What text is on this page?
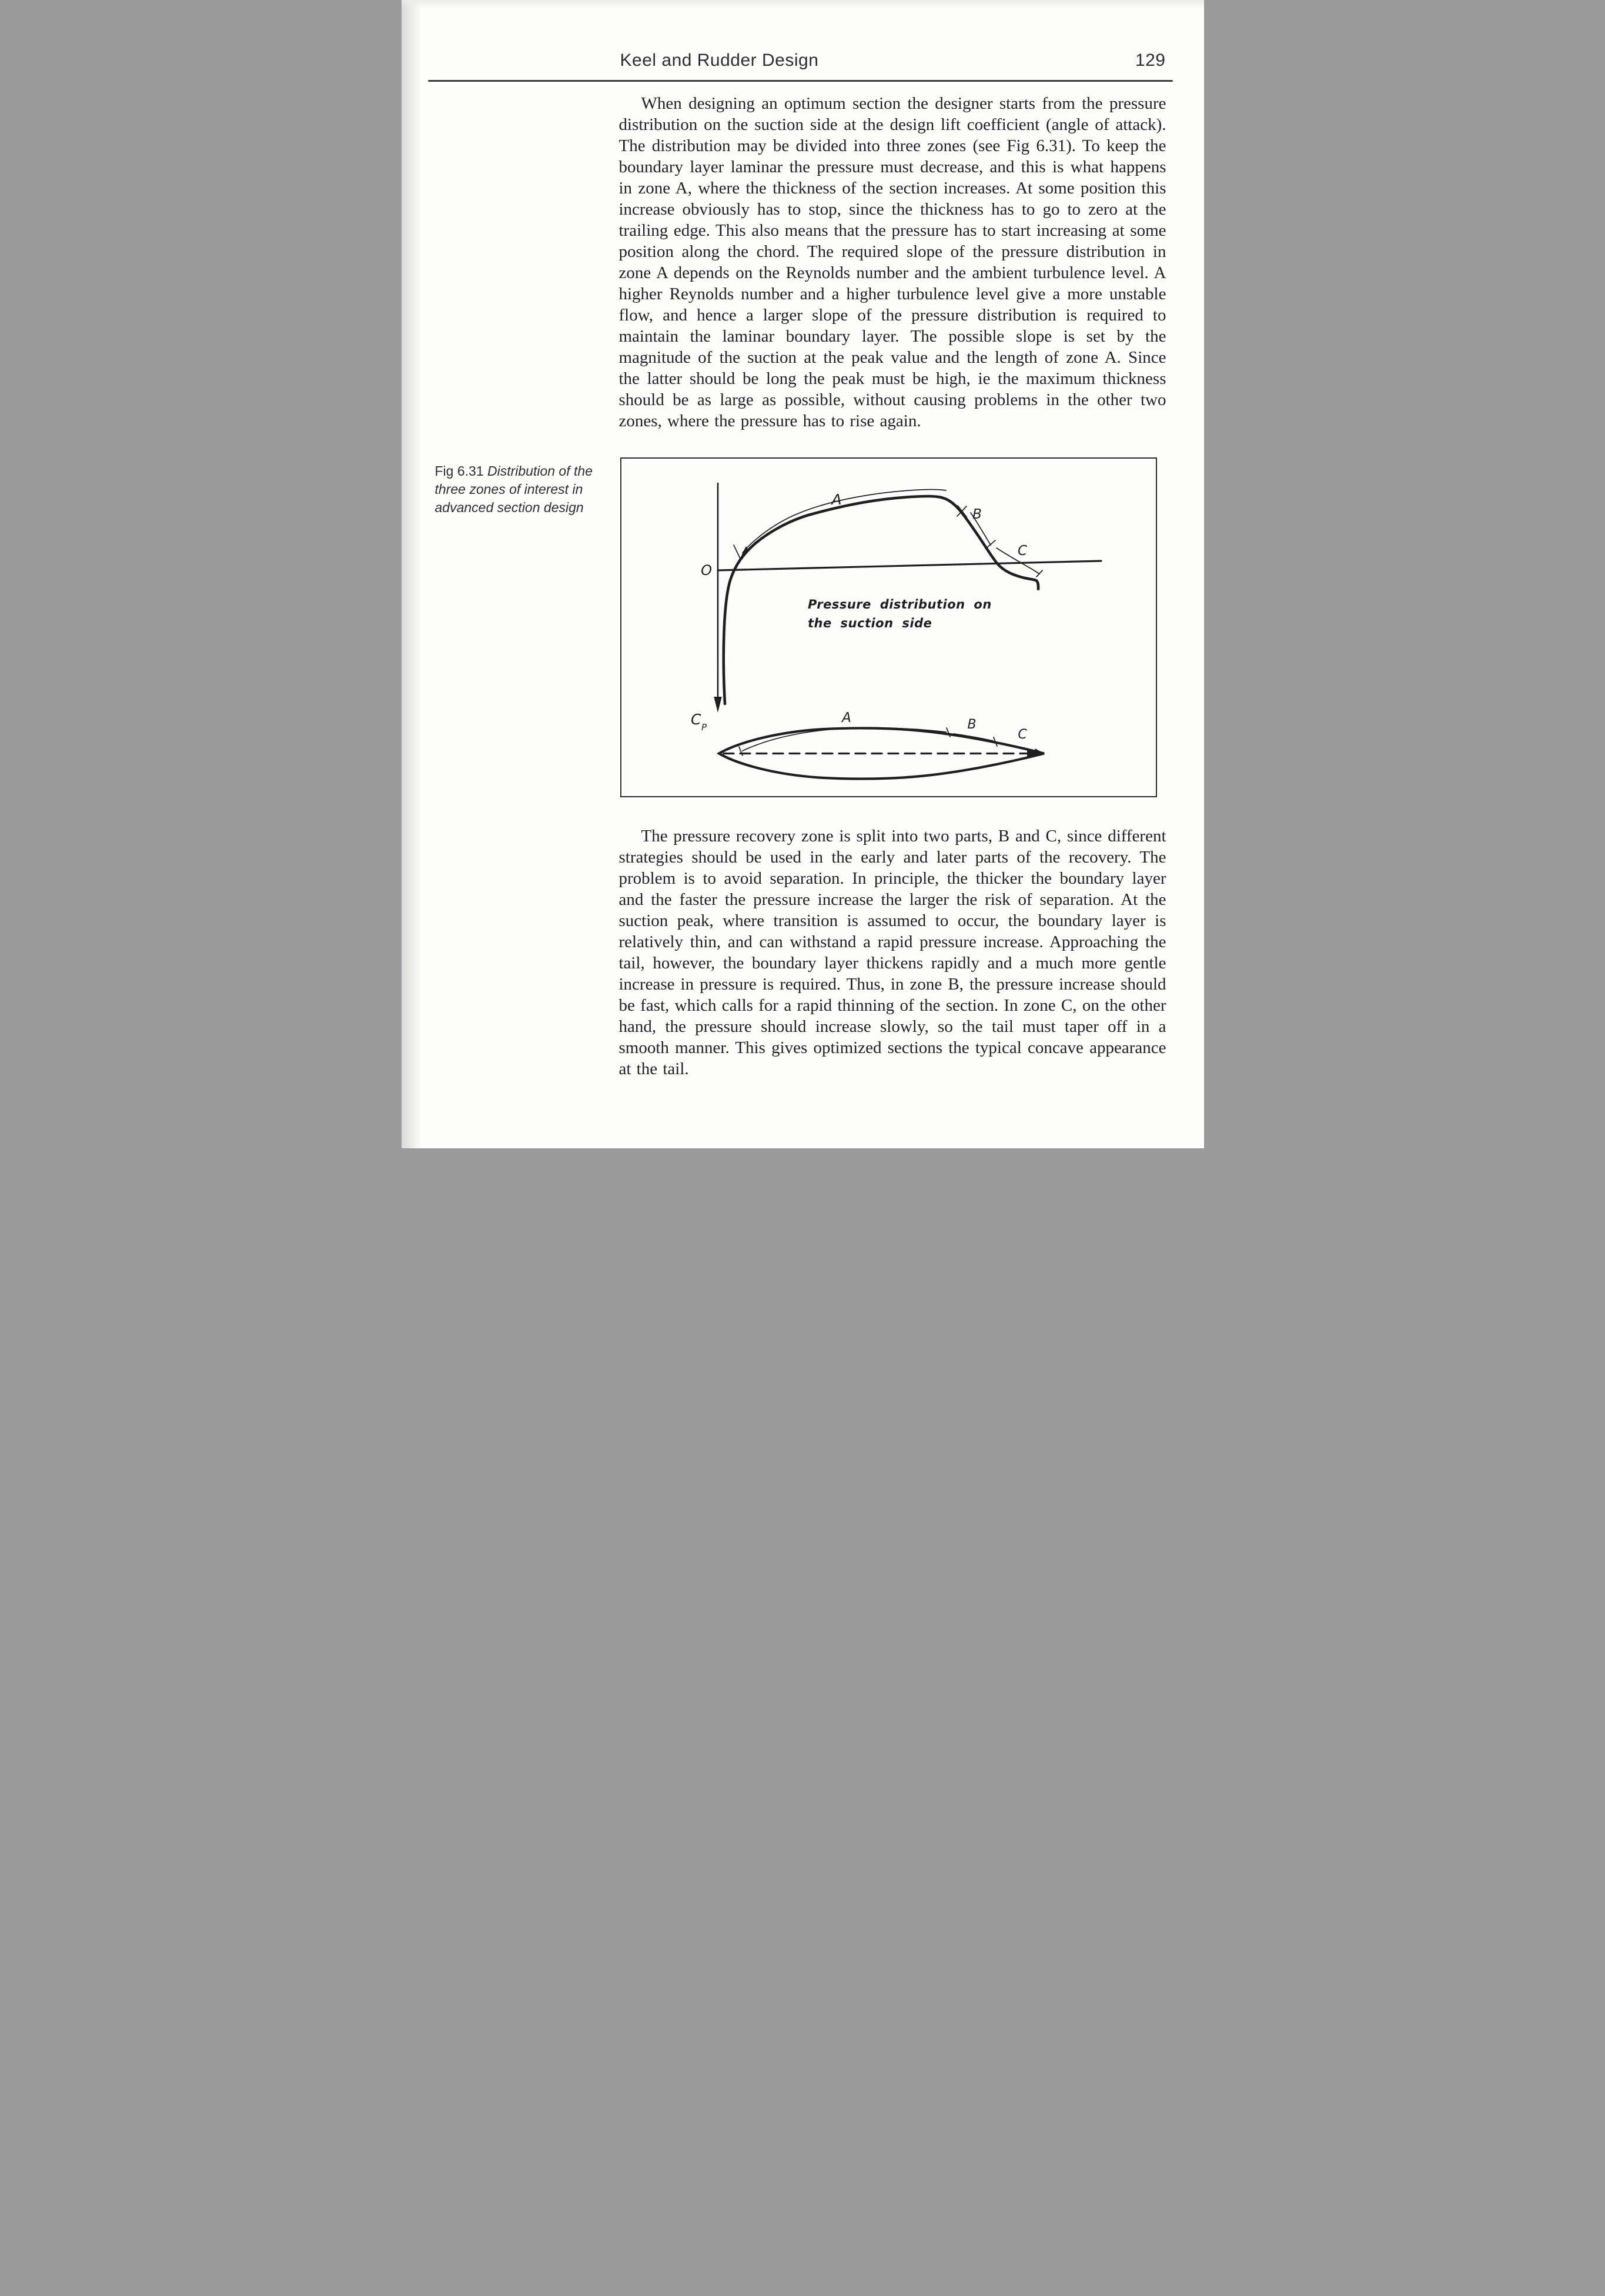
Keel and Rudder Design	129

When designing an optimum section the designer starts from the pressure distribution on the suction side at the design lift coefficient (angle of attack). The distribution may be divided into three zones (see Fig 6.31). To keep the boundary layer laminar the pressure must decrease, and this is what happens in zone A, where the thickness of the section increases. At some position this increase obviously has to stop, since the thickness has to go to zero at the trailing edge. This also means that the pressure has to start increasing at some position along the chord. The required slope of the pressure distribution in zone A depends on the Reynolds number and the ambient turbulence level. A higher Reynolds number and a higher turbulence level give a more unstable flow, and hence a larger slope of the pressure distribution is required to maintain the laminar boundary layer. The possible slope is set by the magnitude of the suction at the peak value and the length of zone A. Since the latter should be long the peak must be high, ie the maximum thickness should be as large as possible, without causing problems in the other two zones, where the pressure has to rise again.

Fig 6.31 Distribution of the three zones of interest in advanced section design
O
C P
A
B
C
Pressure distribution on
the suction side
A	B
C

The pressure recovery zone is split into two parts, B and C, since different strategies should be used in the early and later parts of the recovery. The problem is to avoid separation. In principle, the thicker the boundary layer and the faster the pressure increase the larger the risk of separation. At the suction peak, where transition is assumed to occur, the boundary layer is relatively thin, and can withstand a rapid pressure increase. Approaching the tail, however, the boundary layer thickens rapidly and a much more gentle increase in pressure is required. Thus, in zone B, the pressure increase should be fast, which calls for a rapid thinning of the section. In zone C, on the other hand, the pressure should increase slowly, so the tail must taper off in a smooth manner. This gives optimized sections the typical concave appearance at the tail.
